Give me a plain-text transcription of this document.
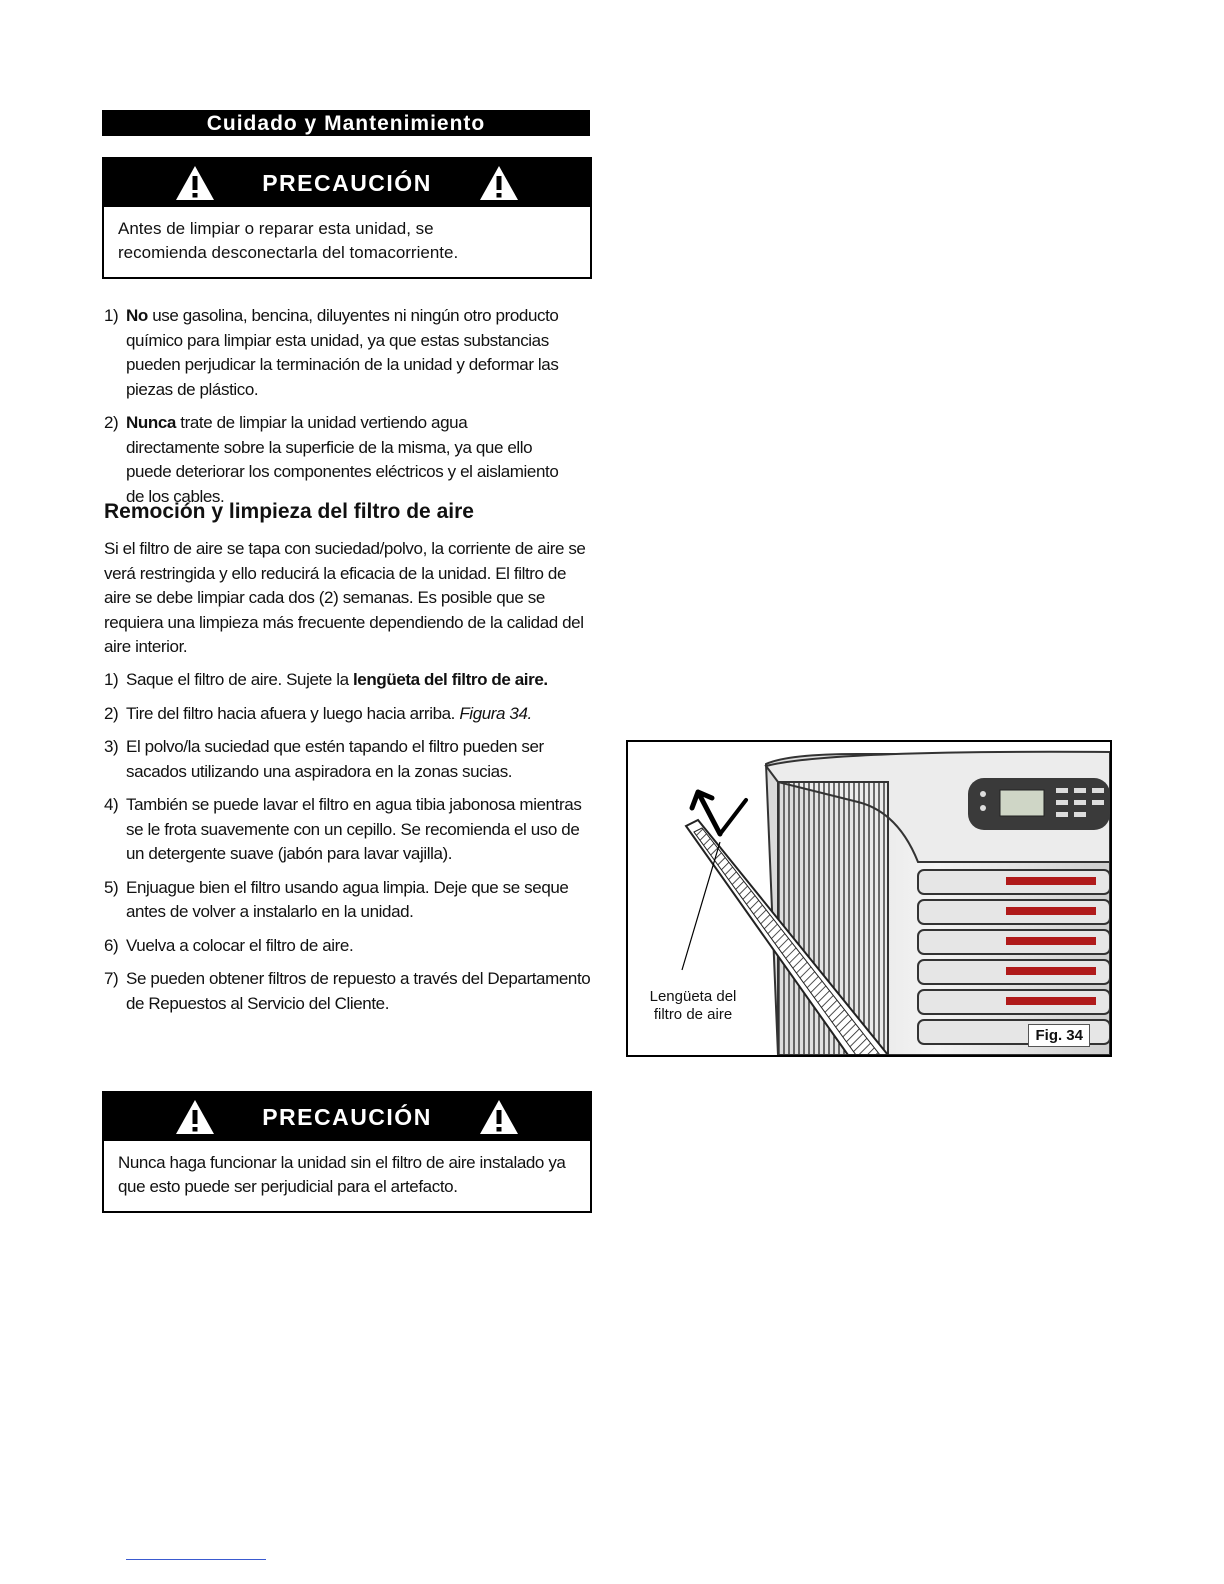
Cuidado y Mantenimiento
PRECAUCIÓN
Antes de limpiar o reparar esta unidad, se recomienda desconectarla del tomacorriente.
1) No use gasolina, bencina, diluyentes ni ningún otro producto químico para limpiar esta unidad, ya que estas substancias pueden perjudicar la terminación de la unidad y deformar las piezas de plástico.
2) Nunca trate de limpiar la unidad vertiendo agua directamente sobre la superficie de la misma, ya que ello puede deteriorar los componentes eléctricos y el aislamiento de los cables.
Remoción y limpieza del filtro de aire

Si el filtro de aire se tapa con suciedad/polvo, la corriente de aire se verá restringida y ello reducirá la eficacia de la unidad. El filtro de aire se debe limpiar cada dos (2) semanas. Es posible que se requiera una limpieza más frecuente dependiendo de la calidad del aire interior.

1) Saque el filtro de aire. Sujete la lengüeta del filtro de aire.
2) Tire del filtro hacia afuera y luego hacia arriba. Figura 34.
3) El polvo/la suciedad que estén tapando el filtro pueden ser sacados utilizando una aspiradora en la zonas sucias.
4) También se puede lavar el filtro en agua tibia jabonosa mientras se le frota suavemente con un cepillo. Se recomienda el uso de un detergente suave (jabón para lavar vajilla).
5) Enjuague bien el filtro usando agua limpia. Deje que se seque antes de volver a instalarlo en la unidad.
6) Vuelva a colocar el filtro de aire.
7) Se pueden obtener filtros de repuesto a través del Departamento de Repuestos al Servicio del Cliente.	Lengüeta del filtro de aire
Fig. 34
PRECAUCIÓN
Nunca haga funcionar la unidad sin el filtro de aire instalado ya que esto puede ser perjudicial para el artefacto.
